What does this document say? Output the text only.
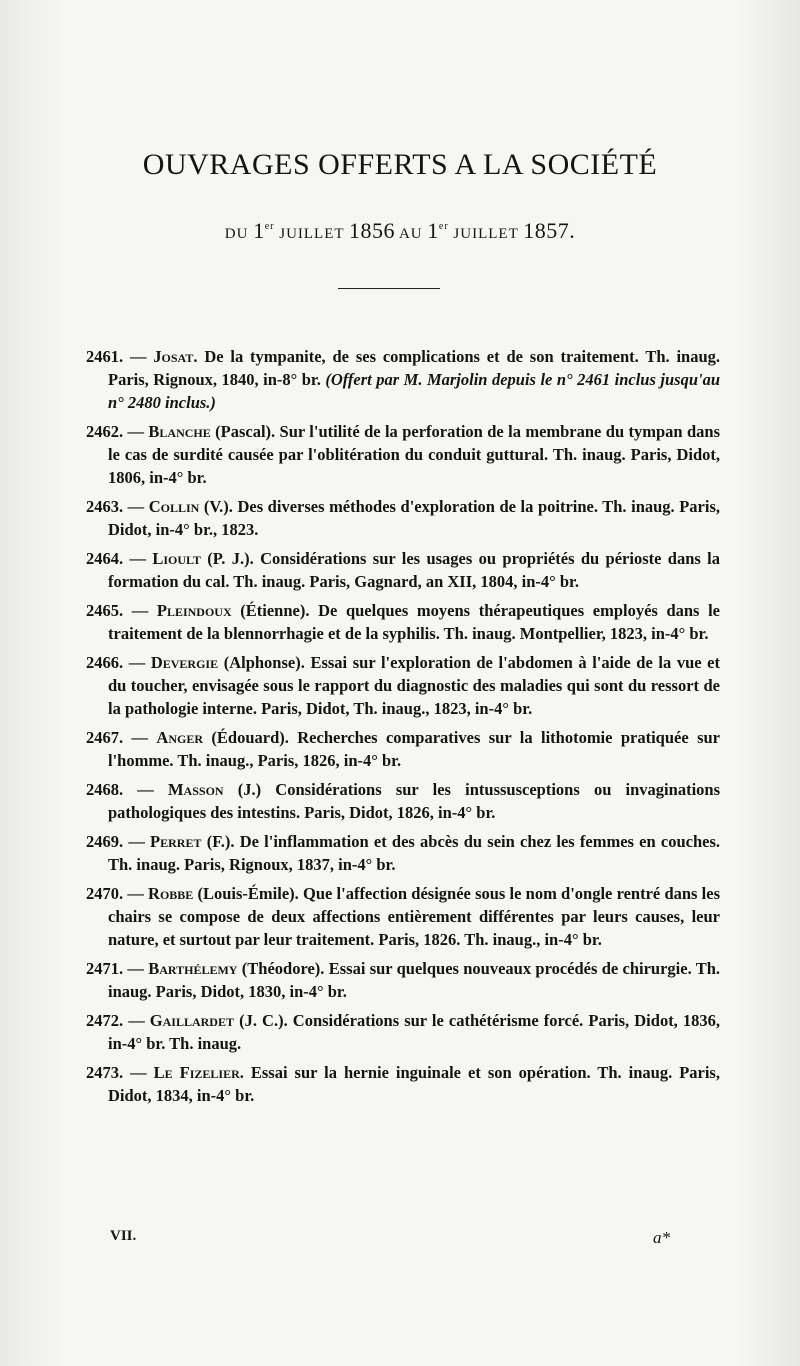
OUVRAGES OFFERTS A LA SOCIÉTÉ
DU 1er JUILLET 1856 AU 1er JUILLET 1857.
2461. — Josat. De la tympanite, de ses complications et de son traitement. Th. inaug. Paris, Rignoux, 1840, in-8° br. (Offert par M. Marjolin depuis le n° 2461 inclus jusqu'au n° 2480 inclus.)
2462. — Blanche (Pascal). Sur l'utilité de la perforation de la membrane du tympan dans le cas de surdité causée par l'oblitération du conduit guttural. Th. inaug. Paris, Didot, 1806, in-4° br.
2463. — Collin (V.). Des diverses méthodes d'exploration de la poitrine. Th. inaug. Paris, Didot, in-4° br., 1823.
2464. — Lioult (P. J.). Considérations sur les usages ou propriétés du périoste dans la formation du cal. Th. inaug. Paris, Gagnard, an XII, 1804, in-4° br.
2465. — Pleindoux (Étienne). De quelques moyens thérapeutiques employés dans le traitement de la blennorrhagie et de la syphilis. Th. inaug. Montpellier, 1823, in-4° br.
2466. — Devergie (Alphonse). Essai sur l'exploration de l'abdomen à l'aide de la vue et du toucher, envisagée sous le rapport du diagnostic des maladies qui sont du ressort de la pathologie interne. Paris, Didot, Th. inaug., 1823, in-4° br.
2467. — Anger (Édouard). Recherches comparatives sur la lithotomie pratiquée sur l'homme. Th. inaug., Paris, 1826, in-4° br.
2468. — Masson (J.) Considérations sur les intussusceptions ou invaginations pathologiques des intestins. Paris, Didot, 1826, in-4° br.
2469. — Perret (F.). De l'inflammation et des abcès du sein chez les femmes en couches. Th. inaug. Paris, Rignoux, 1837, in-4° br.
2470. — Robbe (Louis-Émile). Que l'affection désignée sous le nom d'ongle rentré dans les chairs se compose de deux affections entièrement différentes par leurs causes, leur nature, et surtout par leur traitement. Paris, 1826. Th. inaug., in-4° br.
2471. — Barthélemy (Théodore). Essai sur quelques nouveaux procédés de chirurgie. Th. inaug. Paris, Didot, 1830, in-4° br.
2472. — Gaillardet (J. C.). Considérations sur le cathétérisme forcé. Paris, Didot, 1836, in-4° br. Th. inaug.
2473. — Le Fizelier. Essai sur la hernie inguinale et son opération. Th. inaug. Paris, Didot, 1834, in-4° br.
VII.	a*
